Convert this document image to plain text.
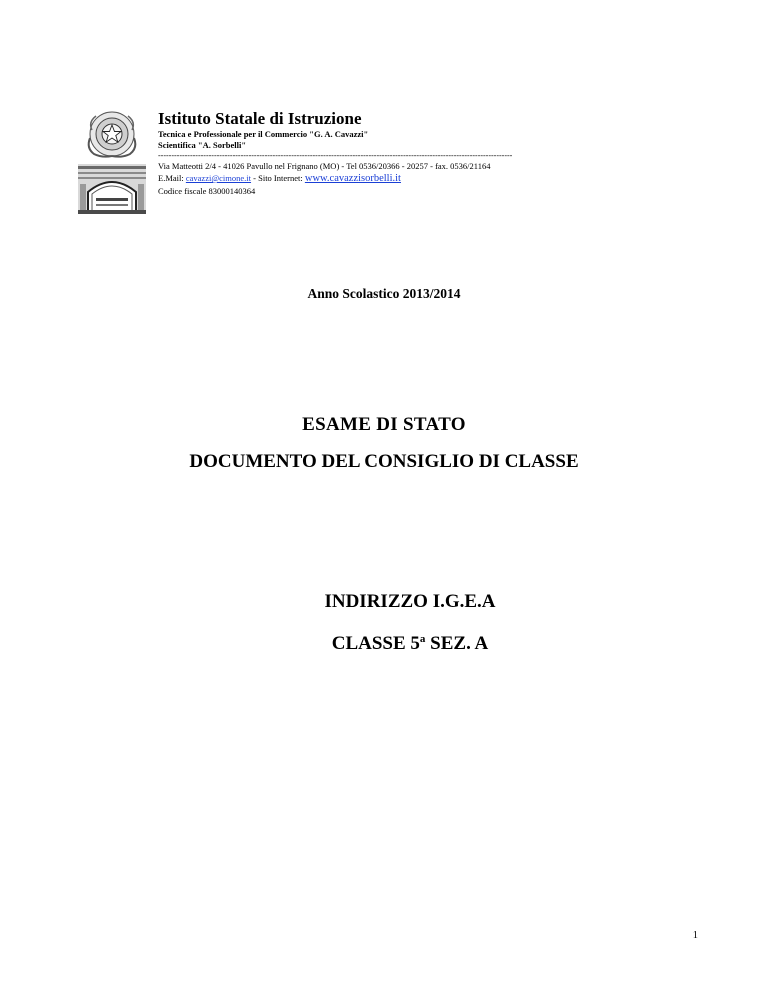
Istituto Statale di Istruzione
Tecnica e Professionale per il Commercio "G. A. Cavazzi"
Scientifica "A. Sorbelli"
-------------------------------------------------------------------------------------------------------------------------------------
Via Matteotti 2/4 - 41026 Pavullo nel Frignano (MO) - Tel 0536/20366 - 20257 - fax. 0536/21164
E.Mail: cavazzi@cimone.it - Sito Internet: www.cavazzisorbelli.it
Codice fiscale 83000140364
Anno Scolastico 2013/2014
ESAME DI STATO
DOCUMENTO DEL CONSIGLIO DI CLASSE
INDIRIZZO I.G.E.A
CLASSE 5$^a$ SEZ. A
1
